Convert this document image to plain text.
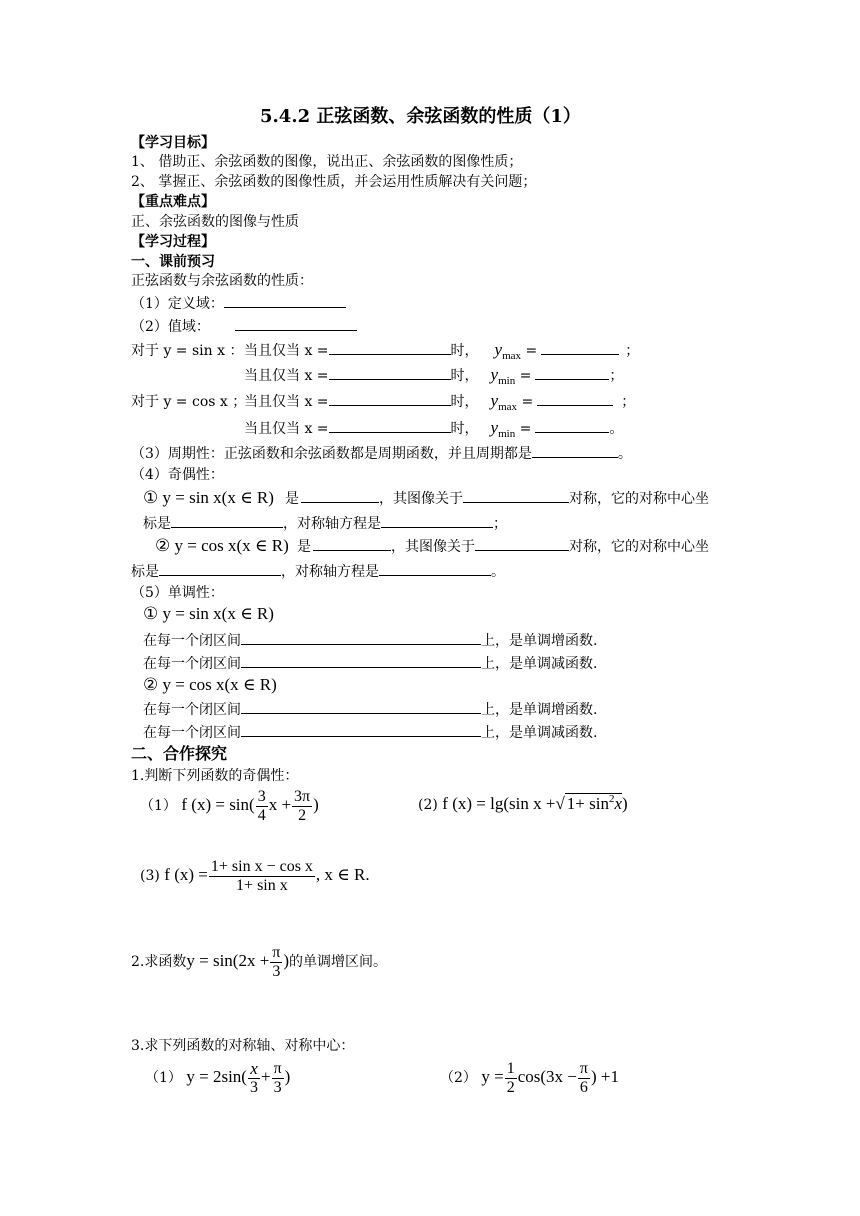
5.4.2 正弦函数、余弦函数的性质（1）
【学习目标】
1、 借助正、余弦函数的图像，说出正、余弦函数的图像性质；
2、 掌握正、余弦函数的图像性质，并会运用性质解决有关问题；
【重点难点】
正、余弦函数的图像与性质
【学习过程】
一、课前预习
正弦函数与余弦函数的性质：
（1）定义域：
（2）值域：
对于 y = sin x ：当且仅当 x =	时， $y_{max}$ =	；
当且仅当 x =	时， $y_{min}$ =	；
对于 y = cos x ；当且仅当 x =	时， $y_{max}$ =	；
当且仅当 x =	时， $y_{min}$ =	。
（3）周期性：正弦函数和余弦函数都是周期函数，并且周期都是	。
（4）奇偶性：
① y = sin x(x ∈ R) 是	，其图像关于	对称，它的对称中心坐
标是	，对称轴方程是	；
② y = cos x(x ∈ R) 是	，其图像关于	对称，它的对称中心坐
标是	，对称轴方程是	。
（5）单调性：
① y = sin x(x ∈ R)
在每一个闭区间	上，是单调增函数.
在每一个闭区间	上，是单调减函数.
② y = cos x(x ∈ R)
在每一个闭区间	上，是单调增函数.
在每一个闭区间	上，是单调减函数.
二、合作探究
1.判断下列函数的奇偶性：
（1） f $(x) = \sin( \frac{3}{4}$ $x + \frac{3\pi}{2}$ )	(2) f (x) = lg(sin x +√ $1+ \sin^2x$)
(3) f $(x) = \frac{\text{1+ sin x − cos x}}{\text{1+ sin x}}$ , x ∈ R.
2.求函数$y = \sin(2x + \frac{\pi}{3}$ )的单调增区间。
3.求下列函数的对称轴、对称中心：
（1） $y = 2\sin( \frac{x}{3} + \frac{\pi}{3}$ )	（2） $y = \frac{1}{2} \cos(3x - \frac{\pi}{6}$ ) +1
